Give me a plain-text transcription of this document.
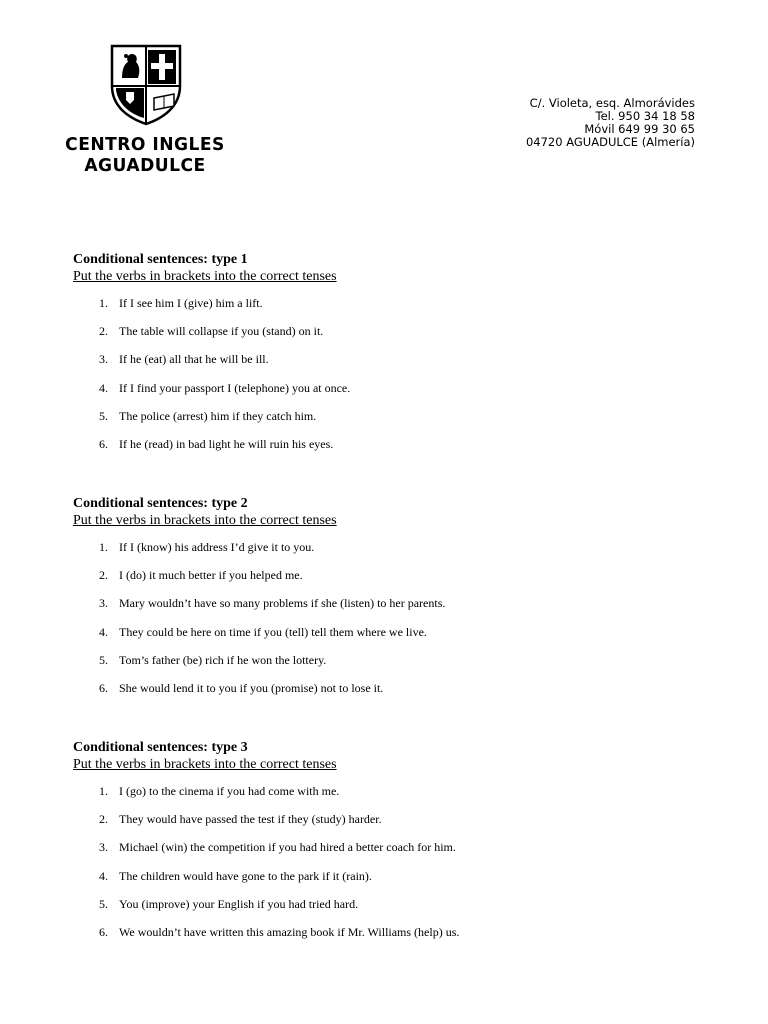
CENTRO INGLES
AGUADULCE
C/. Violeta, esq. Almorávides
Tel. 950 34 18 58
Móvil 649 99 30 65
04720 AGUADULCE (Almería)
Conditional sentences: type 1
Put the verbs in brackets into the correct tenses
1. If I see him I (give) him a lift.
2. The table will collapse if you (stand) on it.
3. If he (eat) all that he will be ill.
4. If I find your passport I (telephone) you at once.
5. The police (arrest) him if they catch him.
6. If he (read) in bad light he will ruin his eyes.
Conditional sentences: type 2
Put the verbs in brackets into the correct tenses
1. If I (know) his address I’d give it to you.
2. I (do) it much better if you helped me.
3. Mary wouldn’t have so many problems if she (listen) to her parents.
4. They could be here on time if you (tell) tell them where we live.
5. Tom’s father (be) rich if he won the lottery.
6. She would lend it to you if you (promise) not to lose it.
Conditional sentences: type 3
Put the verbs in brackets into the correct tenses
1. I (go) to the cinema if you had come with me.
2. They would have passed the test if they (study) harder.
3. Michael (win) the competition if you had hired a better coach for him.
4. The children would have gone to the park if it (rain).
5. You (improve) your English if you had tried hard.
6. We wouldn’t have written this amazing book if Mr. Williams (help) us.
